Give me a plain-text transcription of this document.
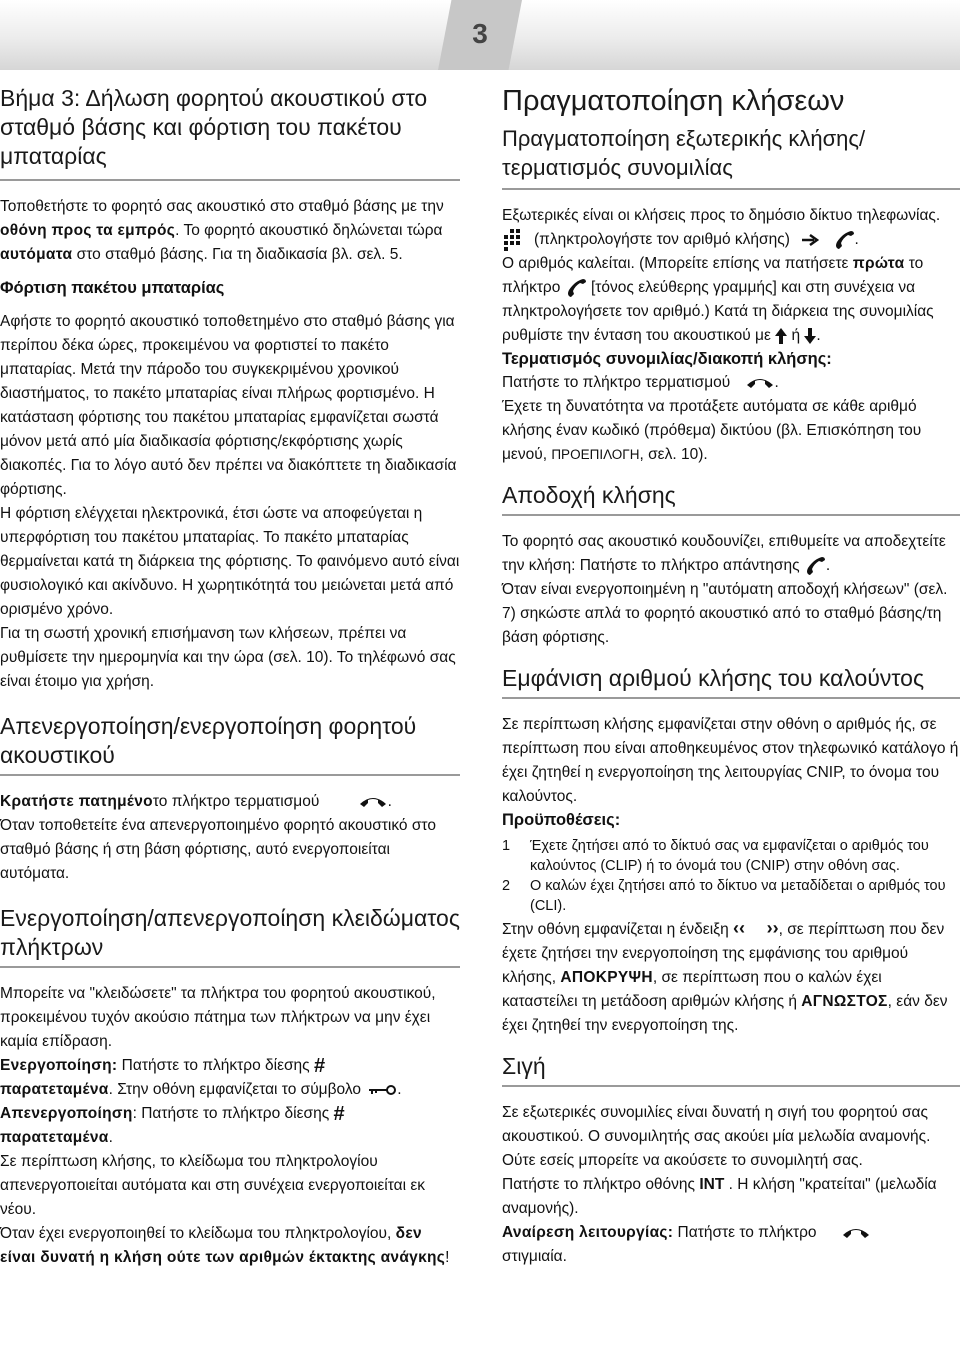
3
Βήμα 3: Δήλωση φορητού ακουστικού στο σταθμό βάσης και φόρτιση του πακέτου μπαταρίας

Τοποθετήστε το φορητό σας ακουστικό στο σταθμό βάσης με την οθόνη προς τα εμπρός. Το φορητό ακουστικό δηλώνεται τώρα αυτόματα στο σταθμό βάσης. Για τη διαδικασία βλ. σελ. 5.

Φόρτιση πακέτου μπαταρίας

Αφήστε το φορητό ακουστικό τοποθετημένο στο σταθμό βάσης για περίπου δέκα ώρες, προκειμένου να φορτιστεί το πακέτο μπαταρίας. Μετά την πάροδο του συγκεκριμένου χρονικού διαστήματος, το πακέτο μπαταρίας είναι πλήρως φορτισμένο. Η κατάσταση φόρτισης του πακέτου μπαταρίας εμφανίζεται σωστά μόνον μετά από μία διαδικασία φόρτισης/εκφόρτισης χωρίς διακοπές. Για το λόγο αυτό δεν πρέπει να διακόπτετε τη διαδικασία φόρτισης.

Η φόρτιση ελέγχεται ηλεκτρονικά, έτσι ώστε να αποφεύγεται η υπερφόρτιση του πακέτου μπαταρίας. Το πακέτο μπαταρίας θερμαίνεται κατά τη διάρκεια της φόρτισης. Το φαινόμενο αυτό είναι φυσιολογικό και ακίνδυνο. Η χωρητικότητά του μειώνεται μετά από ορισμένο χρόνο.

Για τη σωστή χρονική επισήμανση των κλήσεων, πρέπει να ρυθμίσετε την ημερομηνία και την ώρα (σελ. 10). Το τηλέφωνό σας είναι έτοιμο για χρήση.

Απενεργοποίηση/ενεργοποίηση φορητού ακουστικού

Κρατήστε πατημένοτο πλήκτρο τερματισμού	.

Όταν τοποθετείτε ένα απενεργοποιημένο φορητό ακουστικό στο σταθμό βάσης ή στη βάση φόρτισης, αυτό ενεργοποιείται αυτόματα.

Ενεργοποίηση/απενεργοποίηση κλειδώματος πλήκτρων

Μπορείτε να "κλειδώσετε" τα πλήκτρα του φορητού ακουστικού, προκειμένου τυχόν ακούσιο πάτημα των πλήκτρων να μην έχει καμία επίδραση.

Ενεργοποίηση: Πατήστε το πλήκτρο δίεσης #
παρατεταμένα. Στην οθόνη εμφανίζεται το σύμβολο
.

Απενεργοποίηση: Πατήστε το πλήκτρο δίεσης #
παρατεταμένα.

Σε περίπτωση κλήσης, το κλείδωμα του πληκτρολογίου απενεργοποιείται αυτόματα και στη συνέχεια ενεργοποιείται εκ νέου.

Όταν έχει ενεργοποιηθεί το κλείδωμα του πληκτρολογίου, δεν είναι δυνατή η κλήση ούτε των αριθμών έκτακτης ανάγκης!

Πραγματοποίηση κλήσεων
Πραγματοποίηση εξωτερικής κλήσης/ τερματισμός συνομιλίας

Εξωτερικές είναι οι κλήσεις προς το δημόσιο δίκτυο τηλεφωνίας.

(πληκτρολογήστε τον αριθμό κλήσης)
	.

Ο αριθμός καλείται. (Μπορείτε επίσης να πατήσετε πρώτα το πλήκτρο
[τόνος ελεύθερης γραμμής] και στη συνέχεια να πληκτρολογήσετε τον αριθμό.) Κατά τη διάρκεια της συνομιλίας ρυθμίστε την ένταση του ακουστικού με
ή
.

Τερματισμός συνομιλίας/διακοπή κλήσης:

Πατήστε το πλήκτρο τερματισμού	.

Έχετε τη δυνατότητα να προτάξετε αυτόματα σε κάθε αριθμό κλήσης έναν κωδικό (πρόθεμα) δικτύου (βλ. Επισκόπηση του μενού, ΠΡΟΕΠΙΛΟΓΗ, σελ. 10).

Αποδοχή κλήσης

Το φορητό σας ακουστικό κουδουνίζει, επιθυμείτε να αποδεχτείτε την κλήση: Πατήστε το πλήκτρο απάντησης
.

Όταν είναι ενεργοποιημένη η "αυτόματη αποδοχή κλήσεων" (σελ. 7) σηκώστε απλά το φορητό ακουστικό από το σταθμό βάσης/τη βάση φόρτισης.

Εμφάνιση αριθμού κλήσης του καλούντος

Σε περίπτωση κλήσης εμφανίζεται στην οθόνη ο αριθμός ής, σε περίπτωση που είναι αποθηκευμένος στον τηλεφωνικό κατάλογο ή έχει ζητηθεί η ενεργοποίηση της λειτουργίας CNIP, το όνομα του καλούντος.

Προϋποθέσεις:
1	Έχετε ζητήσει από το δίκτυό σας να εμφανίζεται ο αριθμός του καλούντος (CLIP) ή το όνομά του (CNIP) στην οθόνη σας.
2	Ο καλών έχει ζητήσει από το δίκτυο να μεταδίδεται ο αριθμός του (CLI).

Στην οθόνη εμφανίζεται η ένδειξη ‹‹ ››, σε περίπτωση που δεν έχετε ζητήσει την ενεργοποίηση της εμφάνισης του αριθμού κλήσης, ΑΠΟΚΡΥΨΗ, σε περίπτωση που ο καλών έχει καταστείλει τη μετάδοση αριθμών κλήσης ή ΑΓΝΩΣΤΟΣ, εάν δεν έχει ζητηθεί την ενεργοποίηση της.

Σιγή

Σε εξωτερικές συνομιλίες είναι δυνατή η σιγή του φορητού σας ακουστικού. Ο συνομιλητής σας ακούει μία μελωδία αναμονής. Ούτε εσείς μπορείτε να ακούσετε το συνομιλητή σας.

Πατήστε το πλήκτρο οθόνης INT . Η κλήση "κρατείται" (μελωδία αναμονής).

Αναίρεση λειτουργίας: Πατήστε το πλήκτρο

στιγμιαία.
